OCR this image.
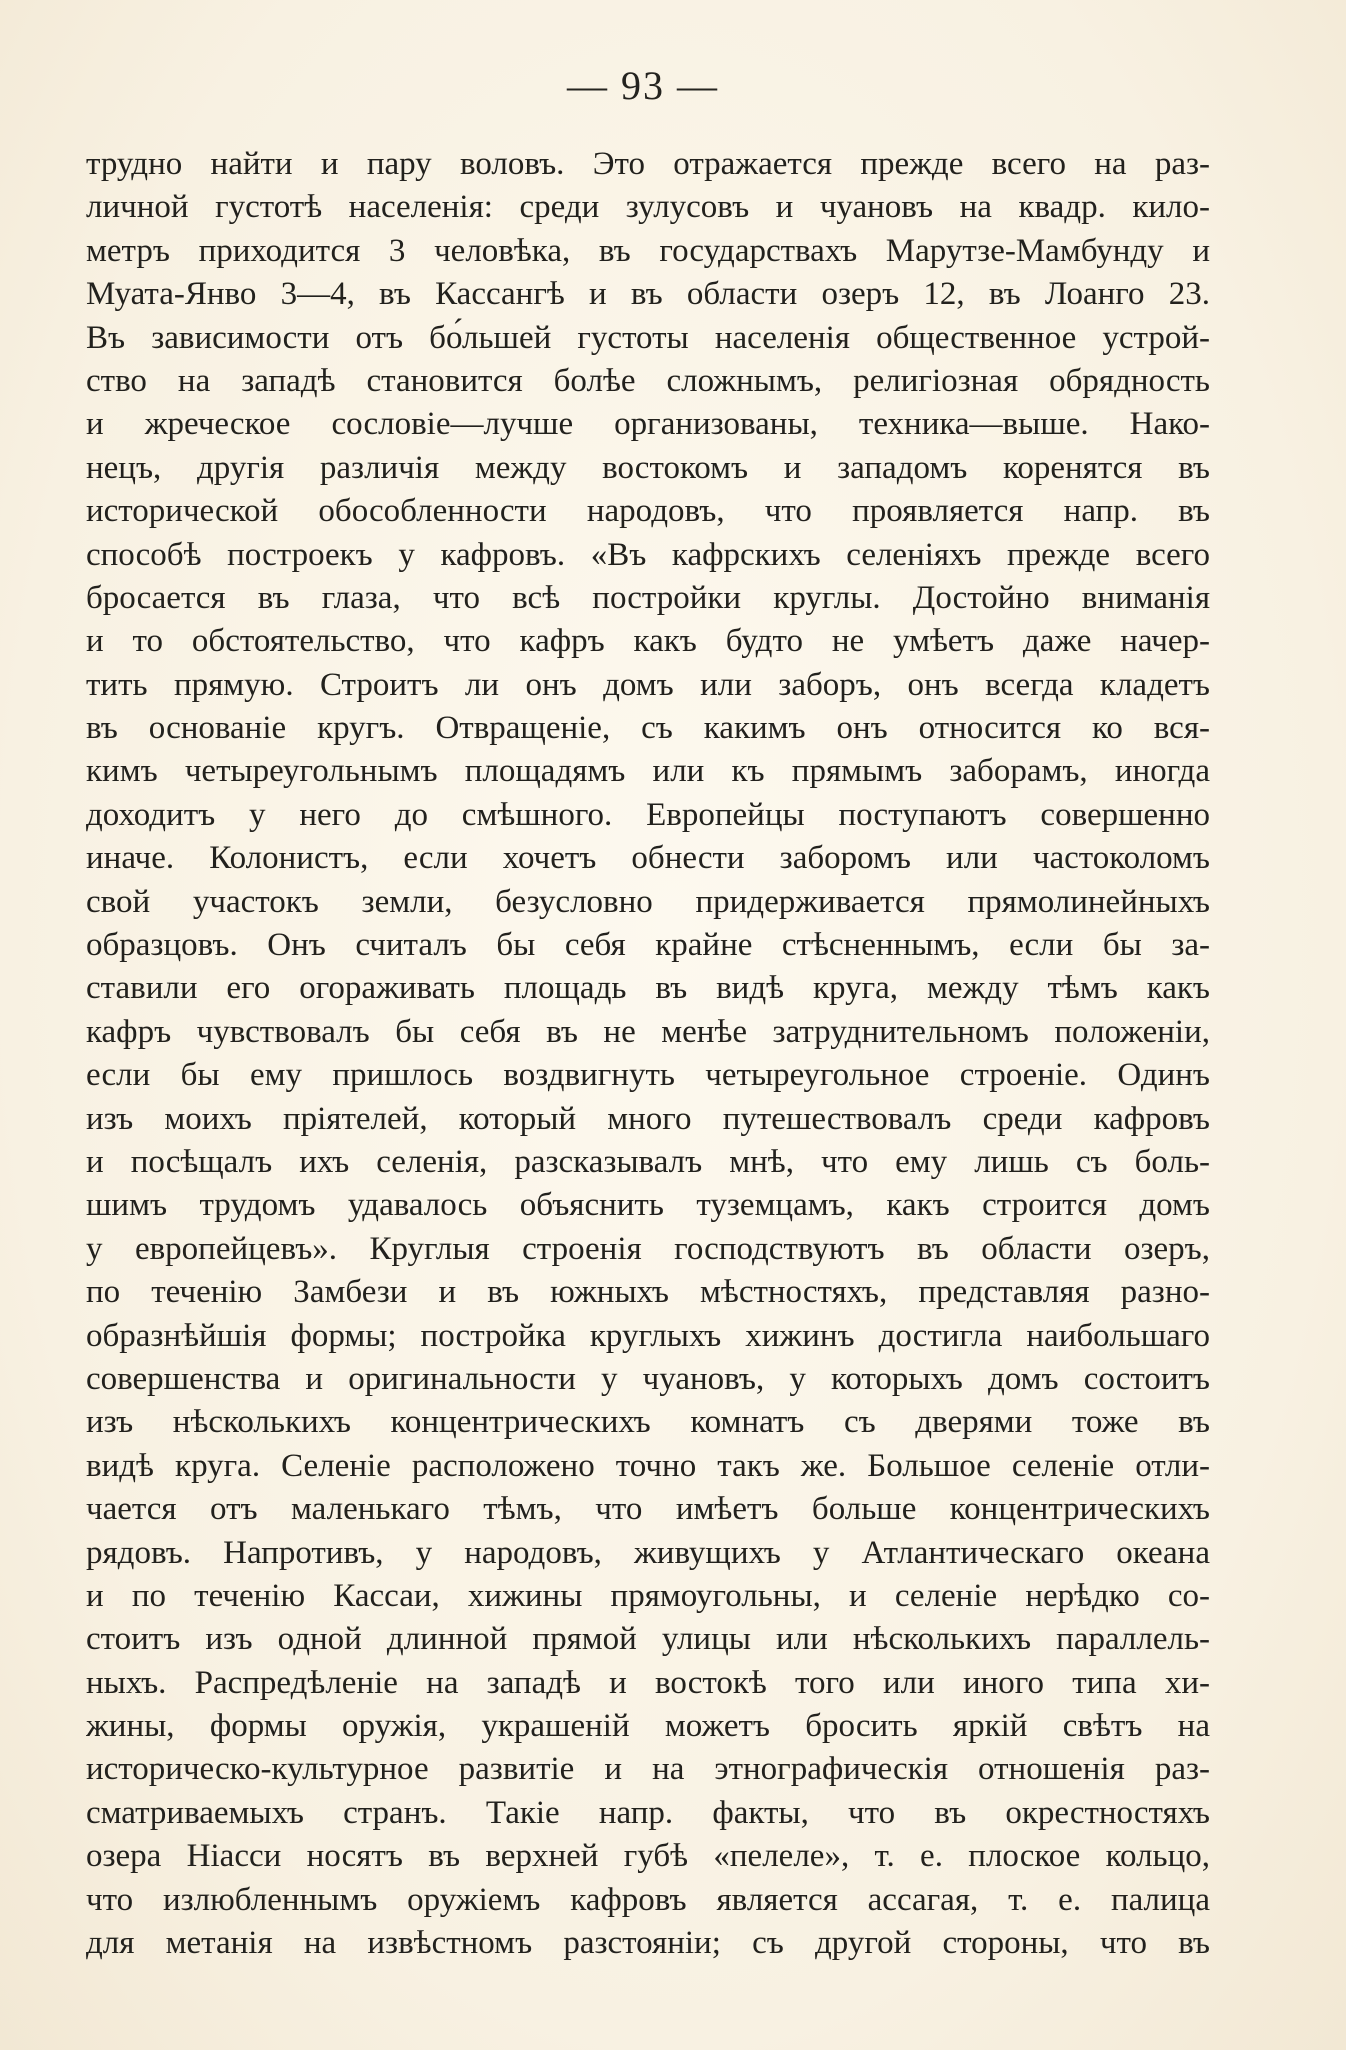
— 93 —
трудно найти и пару воловъ. Это отражается прежде всего на раз-
личной густотѣ населенія: среди зулусовъ и чуановъ на квадр. кило-
метръ приходится 3 человѣка, въ государствахъ Марутзе-Мамбунду и
Муата-Янво 3—4, въ Кассангѣ и въ области озеръ 12, въ Лоанго 23.
Въ зависимости отъ бо́льшей густоты населенія общественное устрой-
ство на западѣ становится болѣе сложнымъ, религіозная обрядность
и жреческое сословіе—лучше организованы, техника—выше. Нако-
нецъ, другія различія между востокомъ и западомъ коренятся въ
исторической обособленности народовъ, что проявляется напр. въ
способѣ построекъ у кафровъ. «Въ кафрскихъ селеніяхъ прежде всего
бросается въ глаза, что всѣ постройки круглы. Достойно вниманія
и то обстоятельство, что кафръ какъ будто не умѣетъ даже начер-
тить прямую. Строитъ ли онъ домъ или заборъ, онъ всегда кладетъ
въ основаніе кругъ. Отвращеніе, съ какимъ онъ относится ко вся-
кимъ четыреугольнымъ площадямъ или къ прямымъ заборамъ, иногда
доходитъ у него до смѣшного. Европейцы поступаютъ совершенно
иначе. Колонистъ, если хочетъ обнести заборомъ или частоколомъ
свой участокъ земли, безусловно придерживается прямолинейныхъ
образцовъ. Онъ считалъ бы себя крайне стѣсненнымъ, если бы за-
ставили его огораживать площадь въ видѣ круга, между тѣмъ какъ
кафръ чувствовалъ бы себя въ не менѣе затруднительномъ положеніи,
если бы ему пришлось воздвигнуть четыреугольное строеніе. Одинъ
изъ моихъ пріятелей, который много путешествовалъ среди кафровъ
и посѣщалъ ихъ селенія, разсказывалъ мнѣ, что ему лишь съ боль-
шимъ трудомъ удавалось объяснить туземцамъ, какъ строится домъ
у европейцевъ». Круглыя строенія господствуютъ въ области озеръ,
по теченію Замбези и въ южныхъ мѣстностяхъ, представляя разно-
образнѣйшія формы; постройка круглыхъ хижинъ достигла наибольшаго
совершенства и оригинальности у чуановъ, у которыхъ домъ состоитъ
изъ нѣсколькихъ концентрическихъ комнатъ съ дверями тоже въ
видѣ круга. Селеніе расположено точно такъ же. Большое селеніе отли-
чается отъ маленькаго тѣмъ, что имѣетъ больше концентрическихъ
рядовъ. Напротивъ, у народовъ, живущихъ у Атлантическаго океана
и по теченію Кассаи, хижины прямоугольны, и селеніе нерѣдко со-
стоитъ изъ одной длинной прямой улицы или нѣсколькихъ параллель-
ныхъ. Распредѣленіе на западѣ и востокѣ того или иного типа хи-
жины, формы оружія, украшеній можетъ бросить яркій свѣтъ на
историческо-культурное развитіе и на этнографическія отношенія раз-
сматриваемыхъ странъ. Такіе напр. факты, что въ окрестностяхъ
озера Ніасси носятъ въ верхней губѣ «пелеле», т. е. плоское кольцо,
что излюбленнымъ оружіемъ кафровъ является ассагая, т. е. палица
для метанія на извѣстномъ разстояніи; съ другой стороны, что въ
